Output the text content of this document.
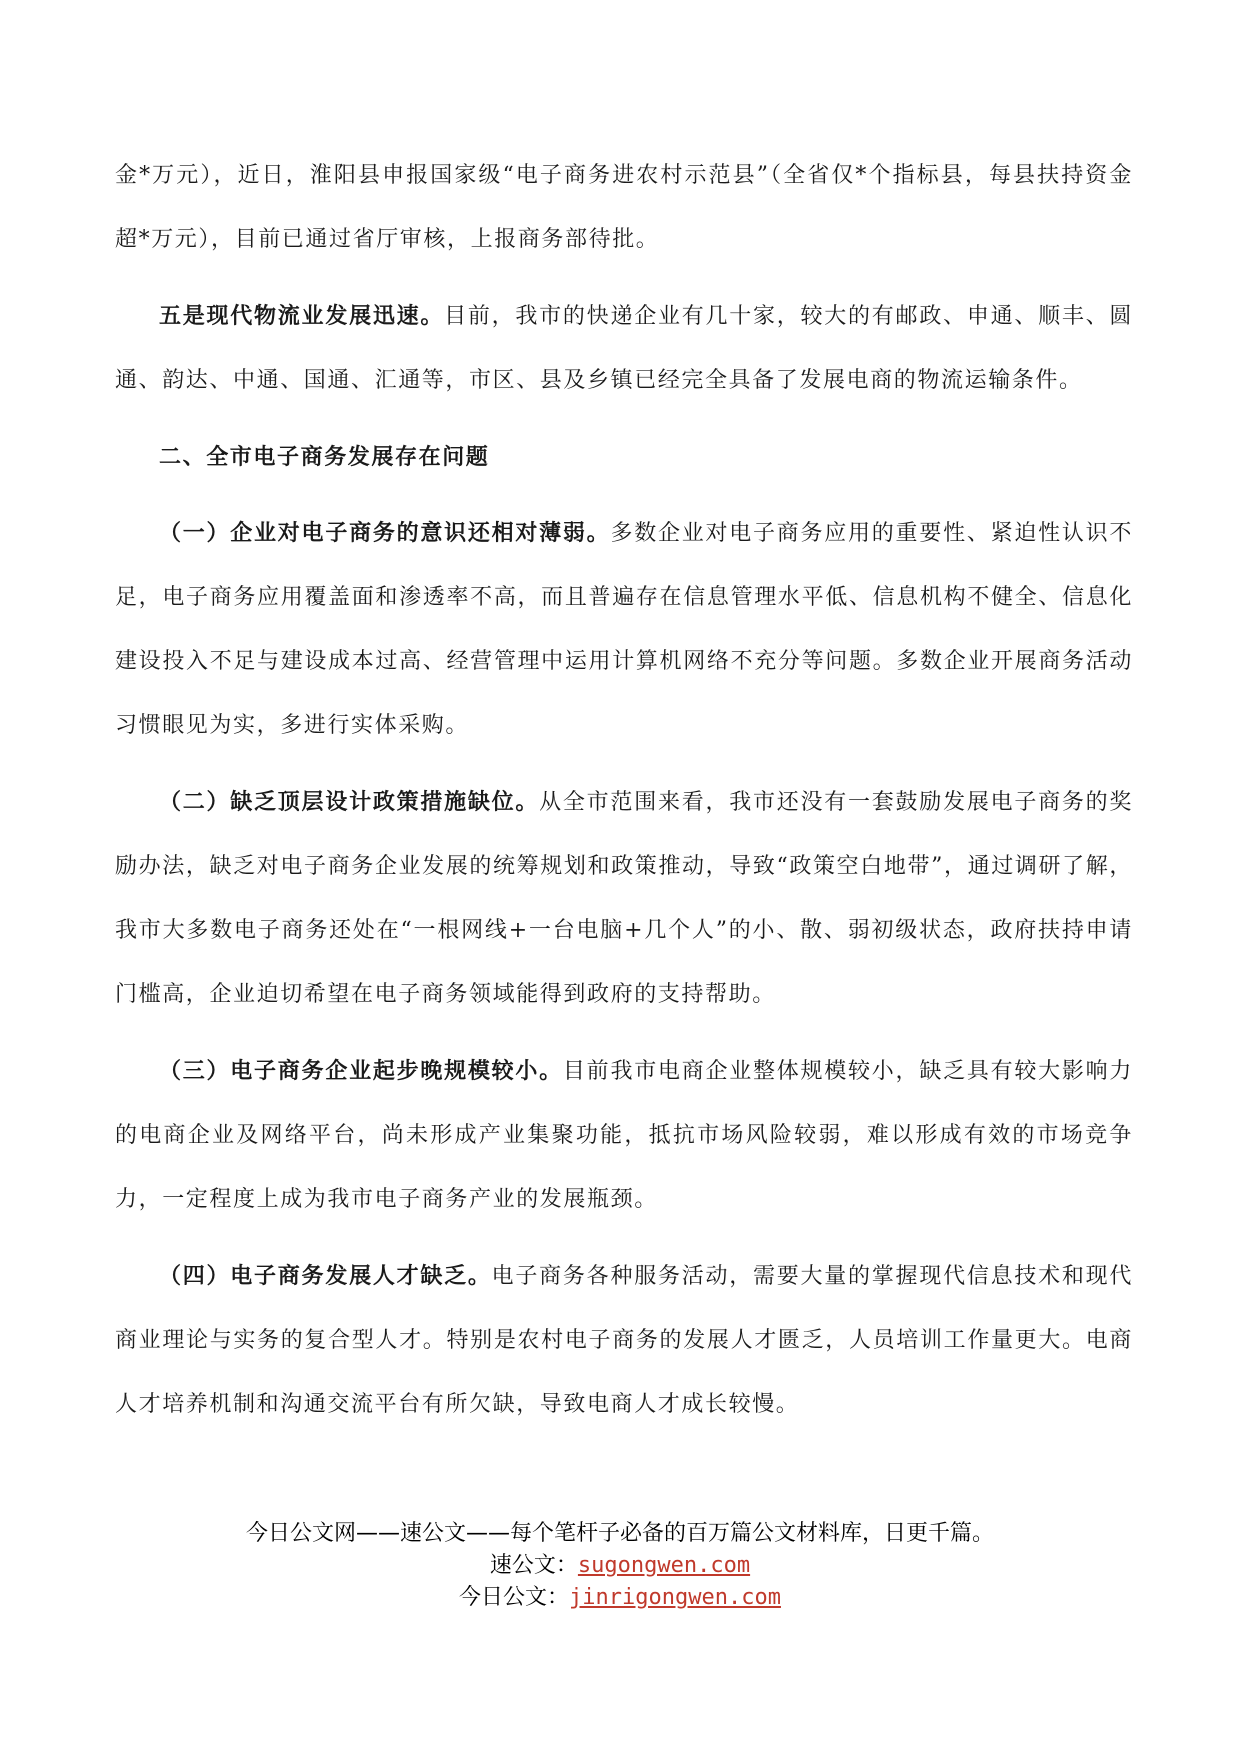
金*万元），近日，淮阳县申报国家级“电子商务进农村示范县”（全省仅*个指标县，每县扶持资金超*万元），目前已通过省厅审核，上报商务部待批。

五是现代物流业发展迅速。目前，我市的快递企业有几十家，较大的有邮政、申通、顺丰、圆通、韵达、中通、国通、汇通等，市区、县及乡镇已经完全具备了发展电商的物流运输条件。

二、全市电子商务发展存在问题

（一）企业对电子商务的意识还相对薄弱。多数企业对电子商务应用的重要性、紧迫性认识不足，电子商务应用覆盖面和渗透率不高，而且普遍存在信息管理水平低、信息机构不健全、信息化建设投入不足与建设成本过高、经营管理中运用计算机网络不充分等问题。多数企业开展商务活动习惯眼见为实，多进行实体采购。

（二）缺乏顶层设计政策措施缺位。从全市范围来看，我市还没有一套鼓励发展电子商务的奖励办法，缺乏对电子商务企业发展的统筹规划和政策推动，导致“政策空白地带”，通过调研了解，我市大多数电子商务还处在“一根网线+一台电脑+几个人”的小、散、弱初级状态，政府扶持申请门槛高，企业迫切希望在电子商务领域能得到政府的支持帮助。

（三）电子商务企业起步晚规模较小。目前我市电商企业整体规模较小，缺乏具有较大影响力的电商企业及网络平台，尚未形成产业集聚功能，抵抗市场风险较弱，难以形成有效的市场竞争力，一定程度上成为我市电子商务产业的发展瓶颈。

（四）电子商务发展人才缺乏。电子商务各种服务活动，需要大量的掌握现代信息技术和现代商业理论与实务的复合型人才。特别是农村电子商务的发展人才匮乏，人员培训工作量更大。电商人才培养机制和沟通交流平台有所欠缺，导致电商人才成长较慢。

今日公文网——速公文——每个笔杆子必备的百万篇公文材料库，日更千篇。
速公文：sugongwen.com
今日公文：jinrigongwen.com
